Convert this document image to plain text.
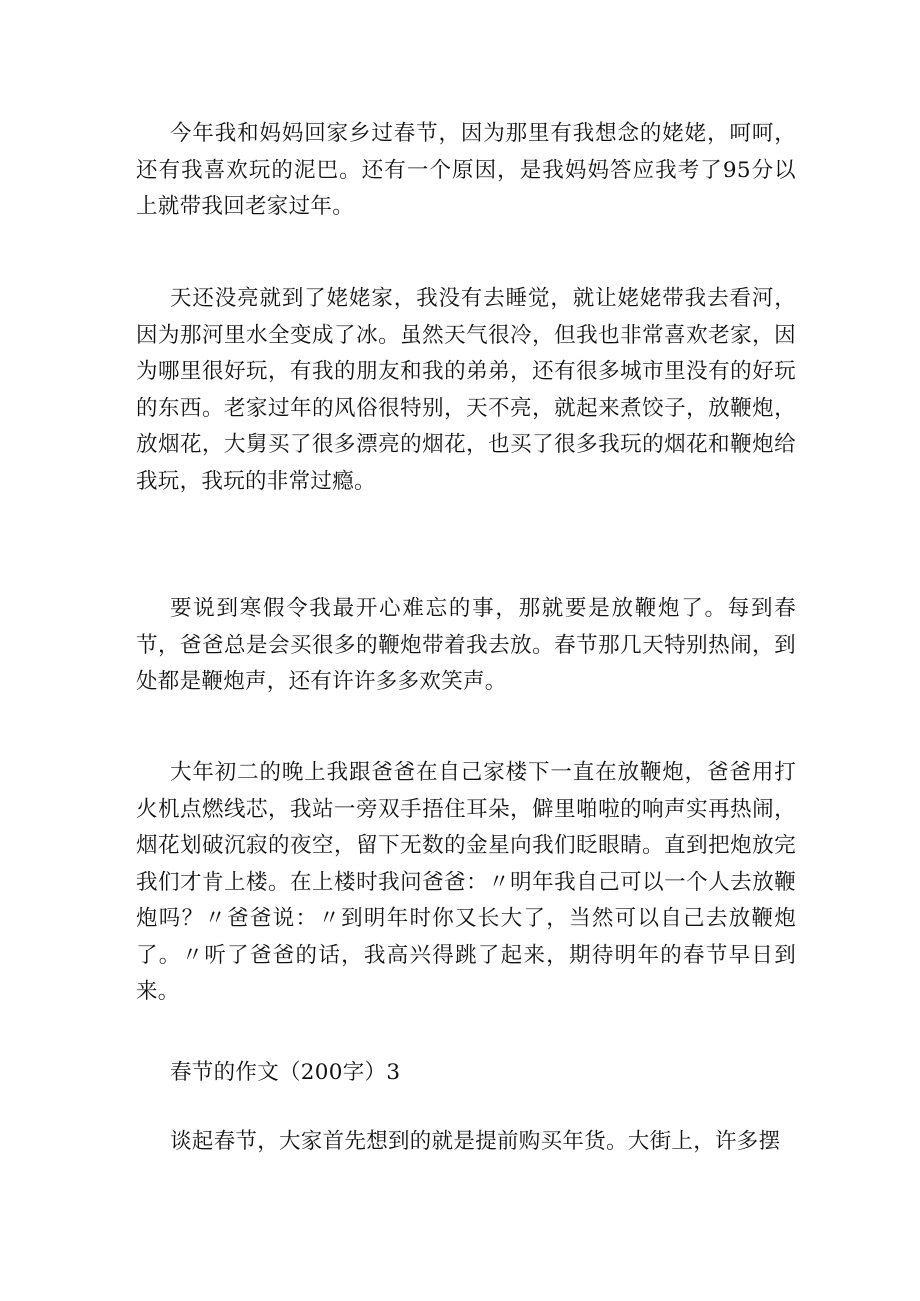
今年我和妈妈回家乡过春节，因为那里有我想念的姥姥，呵呵，还有我喜欢玩的泥巴。还有一个原因，是我妈妈答应我考了95分以上就带我回老家过年。

天还没亮就到了姥姥家，我没有去睡觉，就让姥姥带我去看河，因为那河里水全变成了冰。虽然天气很冷，但我也非常喜欢老家，因为哪里很好玩，有我的朋友和我的弟弟，还有很多城市里没有的好玩的东西。老家过年的风俗很特别，天不亮，就起来煮饺子，放鞭炮，放烟花，大舅买了很多漂亮的烟花，也买了很多我玩的烟花和鞭炮给我玩，我玩的非常过瘾。

要说到寒假令我最开心难忘的事，那就要是放鞭炮了。每到春节，爸爸总是会买很多的鞭炮带着我去放。春节那几天特别热闹，到处都是鞭炮声，还有许许多多欢笑声。

大年初二的晚上我跟爸爸在自己家楼下一直在放鞭炮，爸爸用打火机点燃线芯，我站一旁双手捂住耳朵，僻里啪啦的响声实再热闹，烟花划破沉寂的夜空，留下无数的金星向我们眨眼睛。直到把炮放完我们才肯上楼。在上楼时我问爸爸：〃明年我自己可以一个人去放鞭炮吗？〃爸爸说：〃到明年时你又长大了，当然可以自己去放鞭炮了。〃听了爸爸的话，我高兴得跳了起来，期待明年的春节早日到来。

春节的作文（200字）3

谈起春节，大家首先想到的就是提前购买年货。大街上，许多摆
